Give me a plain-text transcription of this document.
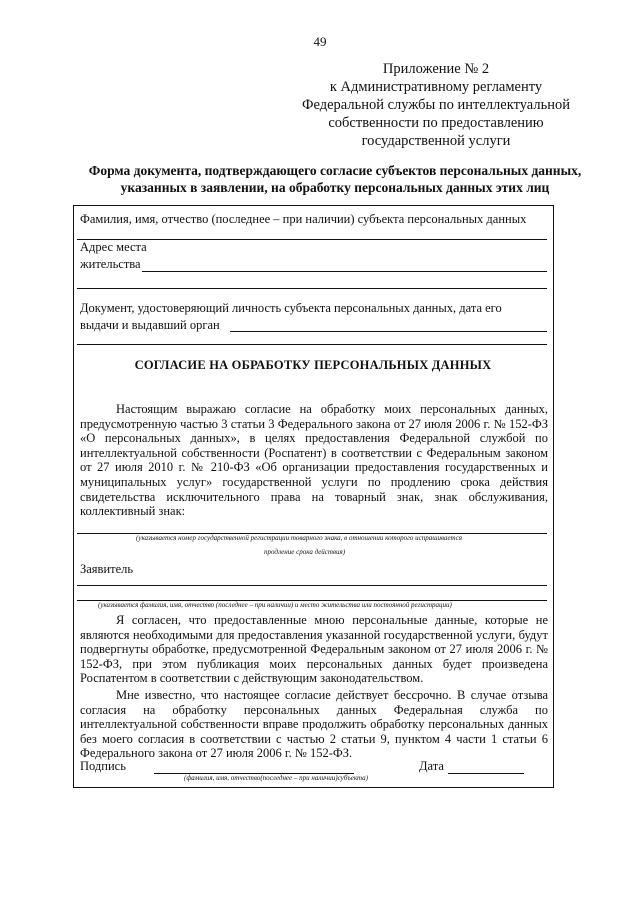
49
Приложение № 2
к Административному регламенту
Федеральной службы по интеллектуальной
собственности по предоставлению
государственной услуги
Форма документа, подтверждающего согласие субъектов персональных данных,
указанных в заявлении, на обработку персональных данных этих лиц
Фамилия, имя, отчество (последнее – при наличии) субъекта персональных данных
Адрес места
жительства
Документ, удостоверяющий личность субъекта персональных данных, дата его
выдачи и выдавший орган
СОГЛАСИЕ НА ОБРАБОТКУ ПЕРСОНАЛЬНЫХ ДАННЫХ

Настоящим выражаю согласие на обработку моих персональных данных, предусмотренную частью 3 статьи 3 Федерального закона от 27 июля 2006 г. № 152-ФЗ «О персональных данных», в целях предоставления Федеральной службой по интеллектуальной собственности (Роспатент) в соответствии с Федеральным законом от 27 июля 2010 г. № 210-ФЗ «Об организации предоставления государственных и муниципальных услуг» государственной услуги по продлению срока действия свидетельства исключительного права на товарный знак, знак обслуживания, коллективный знак:

(указывается номер государственной регистрации товарного знака, в отношении которого испрашивается
продление срока действия)
Заявитель
(указывается фамилия, имя, отчество (последнее – при наличии) и место жительства или постоянной регистрации)

Я согласен, что предоставленные мною персональные данные, которые не являются необходимыми для предоставления указанной государственной услуги, будут подвергнуты обработке, предусмотренной Федеральным законом от 27 июля 2006 г. № 152-ФЗ, при этом публикация моих персональных данных будет произведена Роспатентом в соответствии с действующим законодательством.

Мне известно, что настоящее согласие действует бессрочно. В случае отзыва согласия на обработку персональных данных Федеральная служба по интеллектуальной собственности вправе продолжить обработку персональных данных без моего согласия в соответствии с частью 2 статьи 9, пунктом 4 части 1 статьи 6 Федерального закона от 27 июля 2006 г. № 152-ФЗ.

Подпись	Дата
(фамилия, имя, отчество(последнее – при наличии)субъекта)
